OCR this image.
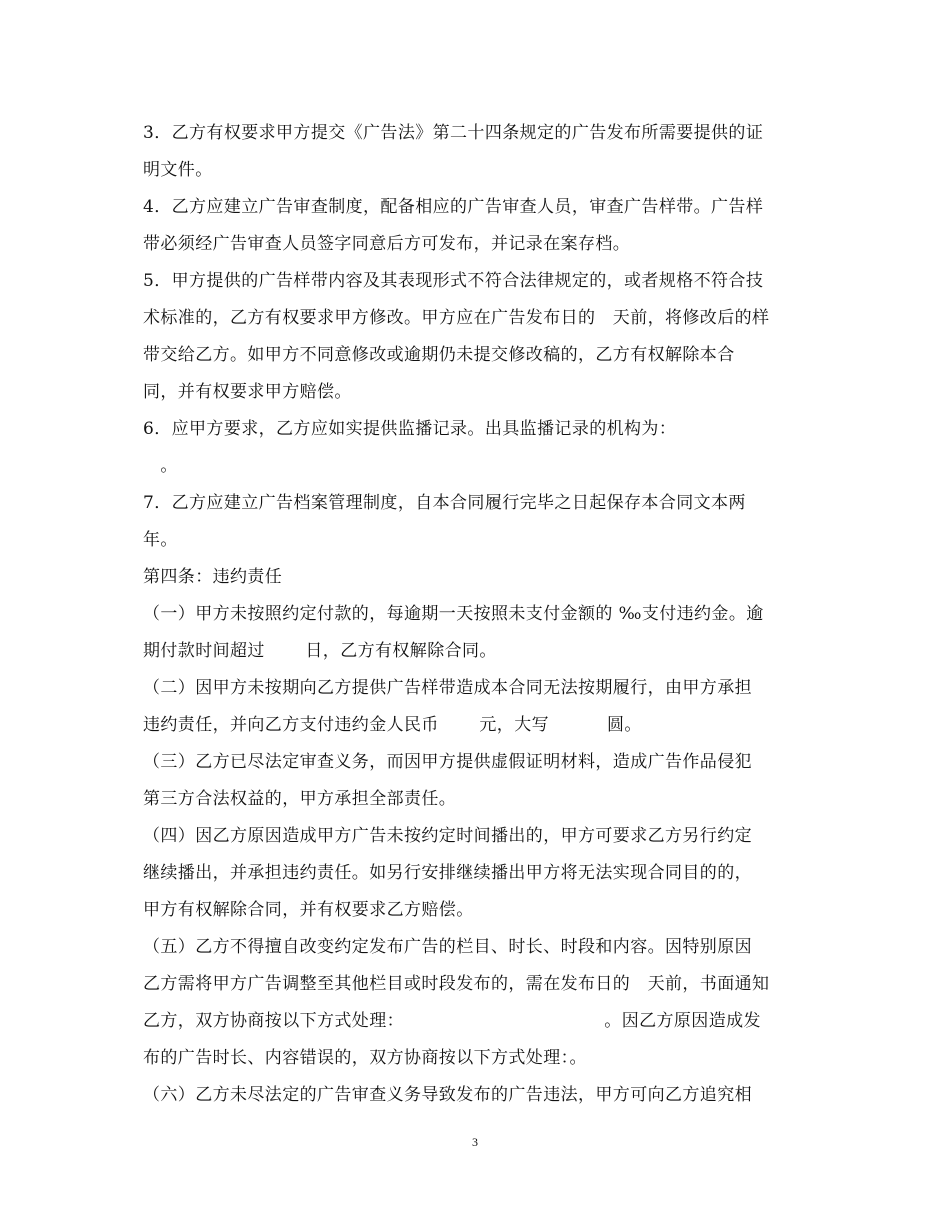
3．乙方有权要求甲方提交《广告法》第二十四条规定的广告发布所需要提供的证
明文件。
4．乙方应建立广告审查制度，配备相应的广告审查人员，审查广告样带。广告样
带必须经广告审查人员签字同意后方可发布，并记录在案存档。
5．甲方提供的广告样带内容及其表现形式不符合法律规定的，或者规格不符合技
术标准的，乙方有权要求甲方修改。甲方应在广告发布日的　天前，将修改后的样
带交给乙方。如甲方不同意修改或逾期仍未提交修改稿的，乙方有权解除本合
同，并有权要求甲方赔偿。
6．应甲方要求，乙方应如实提供监播记录。出具监播记录的机构为：
　。
7．乙方应建立广告档案管理制度，自本合同履行完毕之日起保存本合同文本两
年。
第四条：违约责任
（一）甲方未按照约定付款的，每逾期一天按照未支付金额的 ‰支付违约金。逾
期付款时间超过　　 日，乙方有权解除合同。
（二）因甲方未按期向乙方提供广告样带造成本合同无法按期履行，由甲方承担
违约责任，并向乙方支付违约金人民币　　 元，大写　　　 圆。
（三）乙方已尽法定审查义务，而因甲方提供虚假证明材料，造成广告作品侵犯
第三方合法权益的，甲方承担全部责任。
（四）因乙方原因造成甲方广告未按约定时间播出的，甲方可要求乙方另行约定
继续播出，并承担违约责任。如另行安排继续播出甲方将无法实现合同目的的，
甲方有权解除合同，并有权要求乙方赔偿。
（五）乙方不得擅自改变约定发布广告的栏目、时长、时段和内容。因特别原因
乙方需将甲方广告调整至其他栏目或时段发布的，需在发布日的　天前，书面通知
乙方，双方协商按以下方式处理：　　　　　　　　　　　　。因乙方原因造成发
布的广告时长、内容错误的，双方协商按以下方式处理：。
（六）乙方未尽法定的广告审查义务导致发布的广告违法，甲方可向乙方追究相
3
